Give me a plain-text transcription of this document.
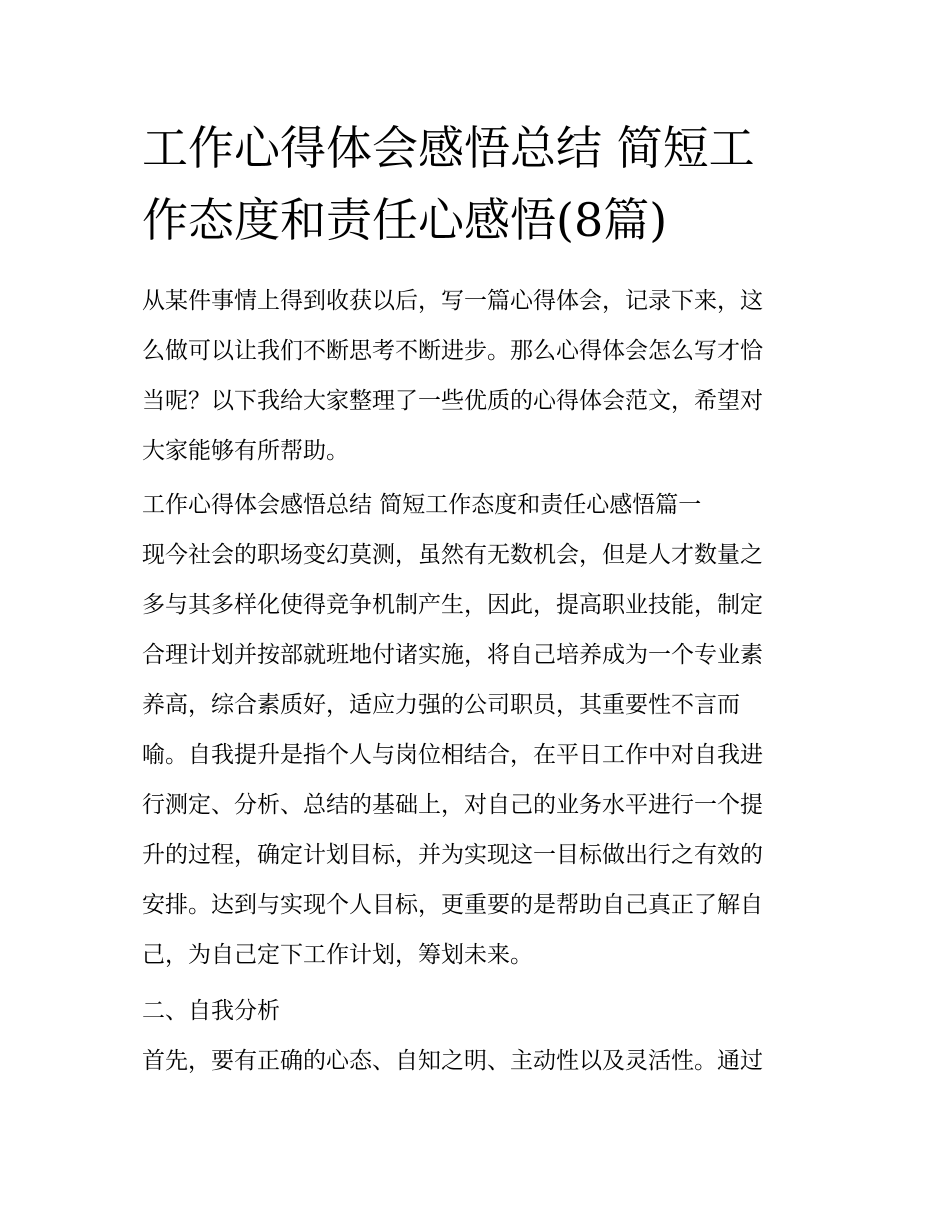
工作心得体会感悟总结 简短工
作态度和责任心感悟(8篇)
从某件事情上得到收获以后，写一篇心得体会，记录下来，这
么做可以让我们不断思考不断进步。那么心得体会怎么写才恰
当呢？以下我给大家整理了一些优质的心得体会范文，希望对
大家能够有所帮助。
工作心得体会感悟总结 简短工作态度和责任心感悟篇一
现今社会的职场变幻莫测，虽然有无数机会，但是人才数量之
多与其多样化使得竞争机制产生，因此，提高职业技能，制定
合理计划并按部就班地付诸实施，将自己培养成为一个专业素
养高，综合素质好，适应力强的公司职员，其重要性不言而
喻。自我提升是指个人与岗位相结合，在平日工作中对自我进
行测定、分析、总结的基础上，对自己的业务水平进行一个提
升的过程，确定计划目标，并为实现这一目标做出行之有效的
安排。达到与实现个人目标，更重要的是帮助自己真正了解自
己，为自己定下工作计划，筹划未来。
二、自我分析
首先，要有正确的心态、自知之明、主动性以及灵活性。通过
